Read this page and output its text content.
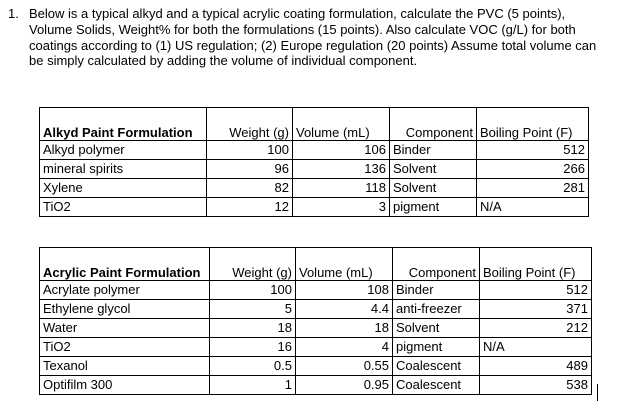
1. Below is a typical alkyd and a typical acrylic coating formulation, calculate the PVC (5 points), Volume Solids, Weight% for both the formulations (15 points). Also calculate VOC (g/L) for both coatings according to (1) US regulation; (2) Europe regulation (20 points) Assume total volume can be simply calculated by adding the volume of individual component.
Alkyd Paint Formulation	Weight (g)	Volume (mL)	Component	Boiling Point (F)
Alkyd polymer	100	106	Binder	512
mineral spirits	96	136	Solvent	266
Xylene	82	118	Solvent	281
TiO2	12	3	pigment	N/A
Acrylic Paint Formulation	Weight (g)	Volume (mL)	Component	Boiling Point (F)
Acrylate polymer	100	108	Binder	512
Ethylene glycol	5	4.4	anti-freezer	371
Water	18	18	Solvent	212
TiO2	16	4	pigment	N/A
Texanol	0.5	0.55	Coalescent	489
Optifilm 300	1	0.95	Coalescent	538
